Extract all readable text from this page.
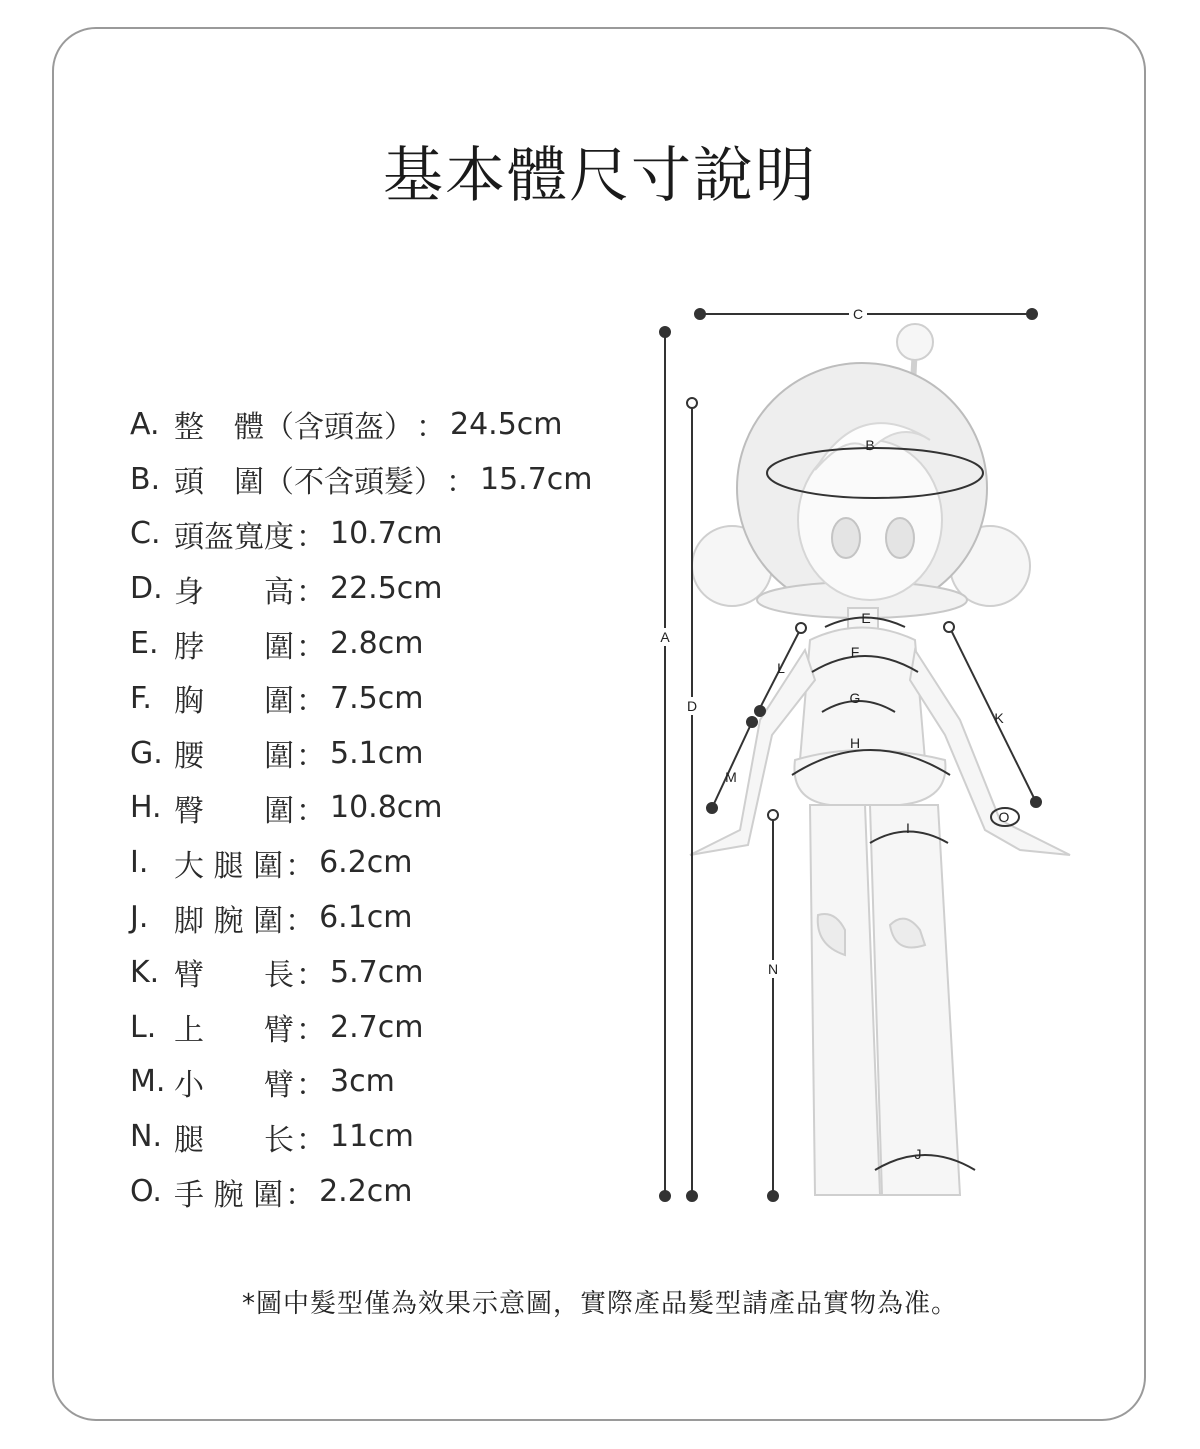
基本體尺寸說明
A. 整　體（含頭盔） ： 24.5cm
B. 頭　圍（不含頭髮） ： 15.7cm
C. 頭盔寬度 ： 10.7cm
D. 身　　高 ： 22.5cm
E. 脖　　圍 ： 2.8cm
F. 胸　　圍 ： 7.5cm
G. 腰　　圍 ： 5.1cm
H. 臀　　圍 ： 10.8cm
I. 大 腿 圍 ： 6.2cm
J. 脚 腕 圍 ： 6.1cm
K. 臂　　長 ： 5.7cm
L. 上　　臂 ： 2.7cm
M. 小　　臂 ： 3cm
N. 腿　　长 ： 11cm
O. 手 腕 圍 ： 2.2cm
C
A
D
N
B
E
F
G
H
I
J
K
L
M
O
*圖中髮型僅為效果示意圖，實際產品髮型請產品實物為准。
